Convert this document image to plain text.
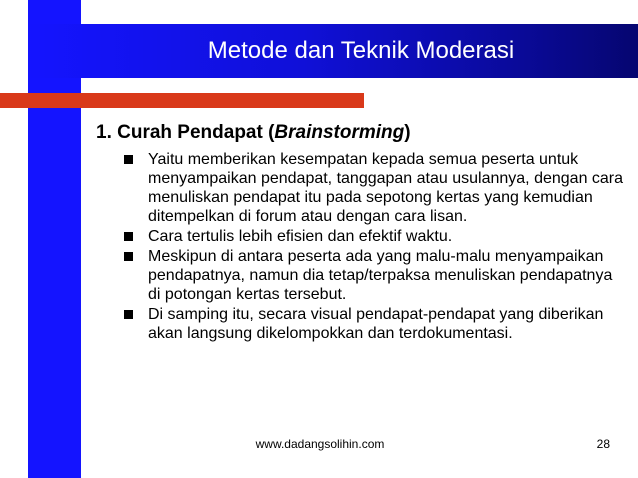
Metode dan Teknik Moderasi
1. Curah Pendapat (Brainstorming)
Yaitu memberikan kesempatan kepada semua peserta untuk menyampaikan pendapat, tanggapan atau usulannya, dengan cara menuliskan pendapat itu pada sepotong kertas yang kemudian ditempelkan di forum atau dengan cara lisan.
Cara tertulis lebih efisien dan efektif waktu.
Meskipun di antara peserta ada yang malu-malu menyampaikan pendapatnya, namun dia tetap/terpaksa menuliskan pendapatnya di potongan kertas tersebut.
Di samping itu, secara visual pendapat-pendapat yang diberikan akan langsung dikelompokkan dan terdokumentasi.
www.dadangsolihin.com	28
